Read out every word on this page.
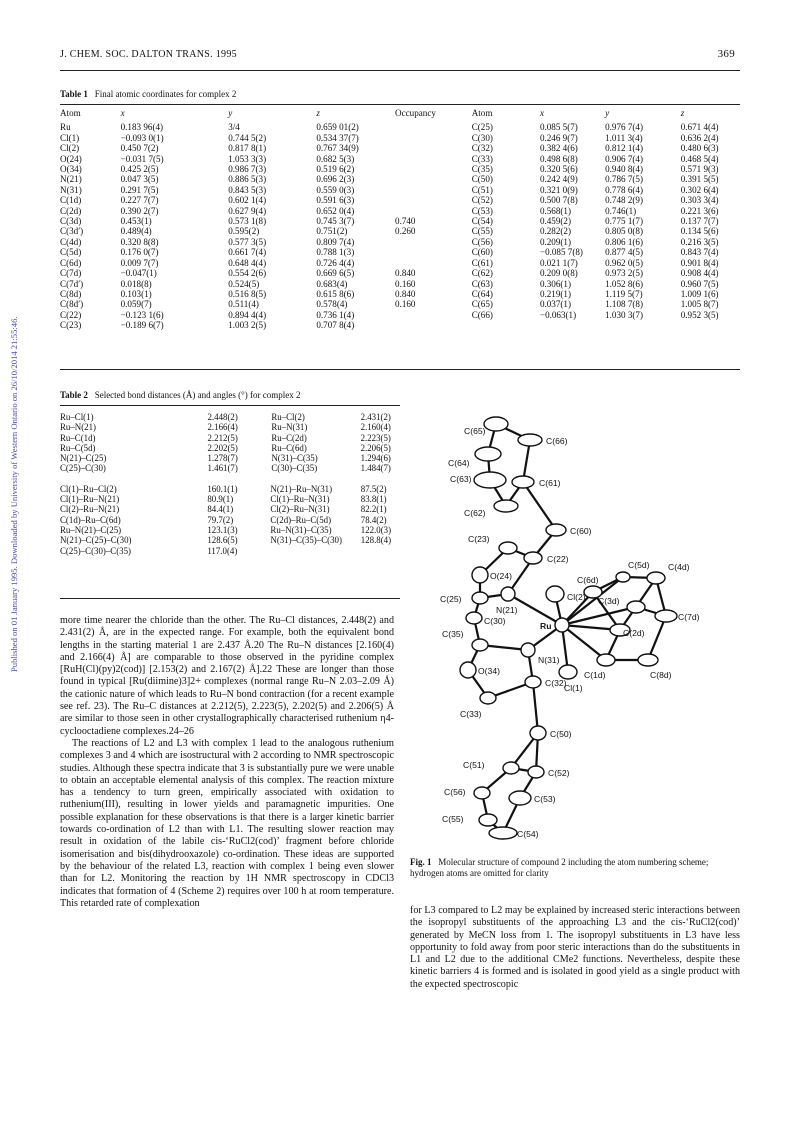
Published on 01 January 1995. Downloaded by University of Western Ontario on 26/10/2014 21:55:46.
J. CHEM. SOC. DALTON TRANS. 1995	369
Table 1 Final atomic coordinates for complex 2
Atom	x	y	z	Occupancy	Atom	x	y	z
Ru	0.183 96(4)	3/4	0.659 01(2)		C(25)	0.085 5(7)	0.976 7(4)	0.671 4(4)
Cl(1)	−0.093 0(1)	0.744 5(2)	0.534 37(7)		C(30)	0.246 9(7)	1.011 3(4)	0.636 2(4)
Cl(2)	0.450 7(2)	0.817 8(1)	0.767 34(9)		C(32)	0.382 4(6)	0.812 1(4)	0.480 6(3)
O(24)	−0.031 7(5)	1.053 3(3)	0.682 5(3)		C(33)	0.498 6(8)	0.906 7(4)	0.468 5(4)
O(34)	0.425 2(5)	0.986 7(3)	0.519 6(2)		C(35)	0.320 5(6)	0.940 8(4)	0.571 9(3)
N(21)	0.047 3(5)	0.886 5(3)	0.696 2(3)		C(50)	0.242 4(9)	0.786 7(5)	0.391 5(5)
N(31)	0.291 7(5)	0.843 5(3)	0.559 0(3)		C(51)	0.321 0(9)	0.778 6(4)	0.302 6(4)
C(1d)	0.227 7(7)	0.602 1(4)	0.591 6(3)		C(52)	0.500 7(8)	0.748 2(9)	0.303 3(4)
C(2d)	0.390 2(7)	0.627 9(4)	0.652 0(4)		C(53)	0.568(1)	0.746(1)	0.221 3(6)
C(3d)	0.453(1)	0.573 1(8)	0.745 3(7)	0.740	C(54)	0.459(2)	0.775 1(7)	0.137 7(7)
C(3d′)	0.489(4)	0.595(2)	0.751(2)	0.260	C(55)	0.282(2)	0.805 0(8)	0.134 5(6)
C(4d)	0.320 8(8)	0.577 3(5)	0.809 7(4)		C(56)	0.209(1)	0.806 1(6)	0.216 3(5)
C(5d)	0.176 0(7)	0.661 7(4)	0.788 1(3)		C(60)	−0.085 7(8)	0.877 4(5)	0.843 7(4)
C(6d)	0.009 7(7)	0.648 4(4)	0.726 4(4)		C(61)	0.021 1(7)	0.962 0(5)	0.901 8(4)
C(7d)	−0.047(1)	0.554 2(6)	0.669 6(5)	0.840	C(62)	0.209 0(8)	0.973 2(5)	0.908 4(4)
C(7d′)	0.018(8)	0.524(5)	0.683(4)	0.160	C(63)	0.306(1)	1.052 8(6)	0.960 7(5)
C(8d)	0.103(1)	0.516 8(5)	0.615 8(6)	0.840	C(64)	0.219(1)	1.119 5(7)	1.009 1(6)
C(8d′)	0.059(7)	0.511(4)	0.578(4)	0.160	C(65)	0.037(1)	1.108 7(8)	1.005 8(7)
C(22)	−0.123 1(6)	0.894 4(4)	0.736 1(4)		C(66)	−0.063(1)	1.030 3(7)	0.952 3(5)
C(23)	−0.189 6(7)	1.003 2(5)	0.707 8(4)					
Table 2 Selected bond distances (Å) and angles (°) for complex 2
Ru–Cl(1)	2.448(2)	Ru–Cl(2)	2.431(2)
Ru–N(21)	2.166(4)	Ru–N(31)	2.160(4)
Ru–C(1d)	2.212(5)	Ru–C(2d)	2.223(5)
Ru–C(5d)	2.202(5)	Ru–C(6d)	2.206(5)
N(21)–C(25)	1.278(7)	N(31)–C(35)	1.294(6)
C(25)–C(30)	1.461(7)	C(30)–C(35)	1.484(7)
Cl(1)–Ru–Cl(2)	160.1(1)	N(21)–Ru–N(31)	87.5(2)
Cl(1)–Ru–N(21)	80.9(1)	Cl(1)–Ru–N(31)	83.8(1)
Cl(2)–Ru–N(21)	84.4(1)	Cl(2)–Ru–N(31)	82.2(1)
C(1d)–Ru–C(6d)	79.7(2)	C(2d)–Ru–C(5d)	78.4(2)
Ru–N(21)–C(25)	123.1(3)	Ru–N(31)–C(35)	122.0(3)
N(21)–C(25)–C(30)	128.6(5)	N(31)–C(35)–C(30)	128.8(4)
C(25)–C(30)–C(35)	117.0(4)		

more time nearer the chloride than the other. The Ru–Cl distances, 2.448(2) and 2.431(2) Å, are in the expected range. For example, both the equivalent bond lengths in the starting material 1 are 2.437 Å.20 The Ru–N distances [2.160(4) and 2.166(4) Å] are comparable to those observed in the pyridine complex [RuH(Cl)(py)2(cod)] [2.153(2) and 2.167(2) Å].22 These are longer than those found in typical [Ru(diimine)3]2+ complexes (normal range Ru–N 2.03–2.09 Å) the cationic nature of which leads to Ru–N bond contraction (for a recent example see ref. 23). The Ru–C distances at 2.212(5), 2.223(5), 2.202(5) and 2.206(5) Å are similar to those seen in other crystallographically characterised ruthenium η4-cyclooctadiene complexes.24–26

The reactions of L2 and L3 with complex 1 lead to the analogous ruthenium complexes 3 and 4 which are isostructural with 2 according to NMR spectroscopic studies. Although these spectra indicate that 3 is substantially pure we were unable to obtain an acceptable elemental analysis of this complex. The reaction mixture has a tendency to turn green, empirically associated with oxidation to ruthenium(III), resulting in lower yields and paramagnetic impurities. One possible explanation for these observations is that there is a larger kinetic barrier towards co-ordination of L2 than with L1. The resulting slower reaction may result in oxidation of the labile cis-‘RuCl2(cod)’ fragment before chloride isomerisation and bis(dihydrooxazole) co-ordination. These ideas are supported by the behaviour of the related L3, reaction with complex 1 being even slower than for L2. Monitoring the reaction by 1H NMR spectroscopy in CDCl3 indicates that formation of 4 (Scheme 2) requires over 100 h at room temperature. This retarded rate of complexation

C(65)
C(66)
C(64)
C(63)	C(61)
C(62)
C(60)
C(23)
C(22)
O(24)
C(5d) C(4d)
C(6d)
C(25)	Cl(2)
N(21)
C(30)	Ru
C(3d)
C(7d)
C(35)	C(2d)
O(34)
N(31)
Cl(1)
C(1d)	C(8d)
C(32)
C(33)
C(50)
C(51)
C(52)
C(56)
C(53)
C(55)
C(54)
Fig. 1 Molecular structure of compound 2 including the atom numbering scheme; hydrogen atoms are omitted for clarity

for L3 compared to L2 may be explained by increased steric interactions between the isopropyl substituents of the approaching L3 and the cis-‘RuCl2(cod)’ generated by MeCN loss from 1. The isopropyl substituents in L3 have less opportunity to fold away from poor steric interactions than do the substituents in L1 and L2 due to the additional CMe2 functions. Nevertheless, despite these kinetic barriers 4 is formed and is isolated in good yield as a single product with the expected spectroscopic
